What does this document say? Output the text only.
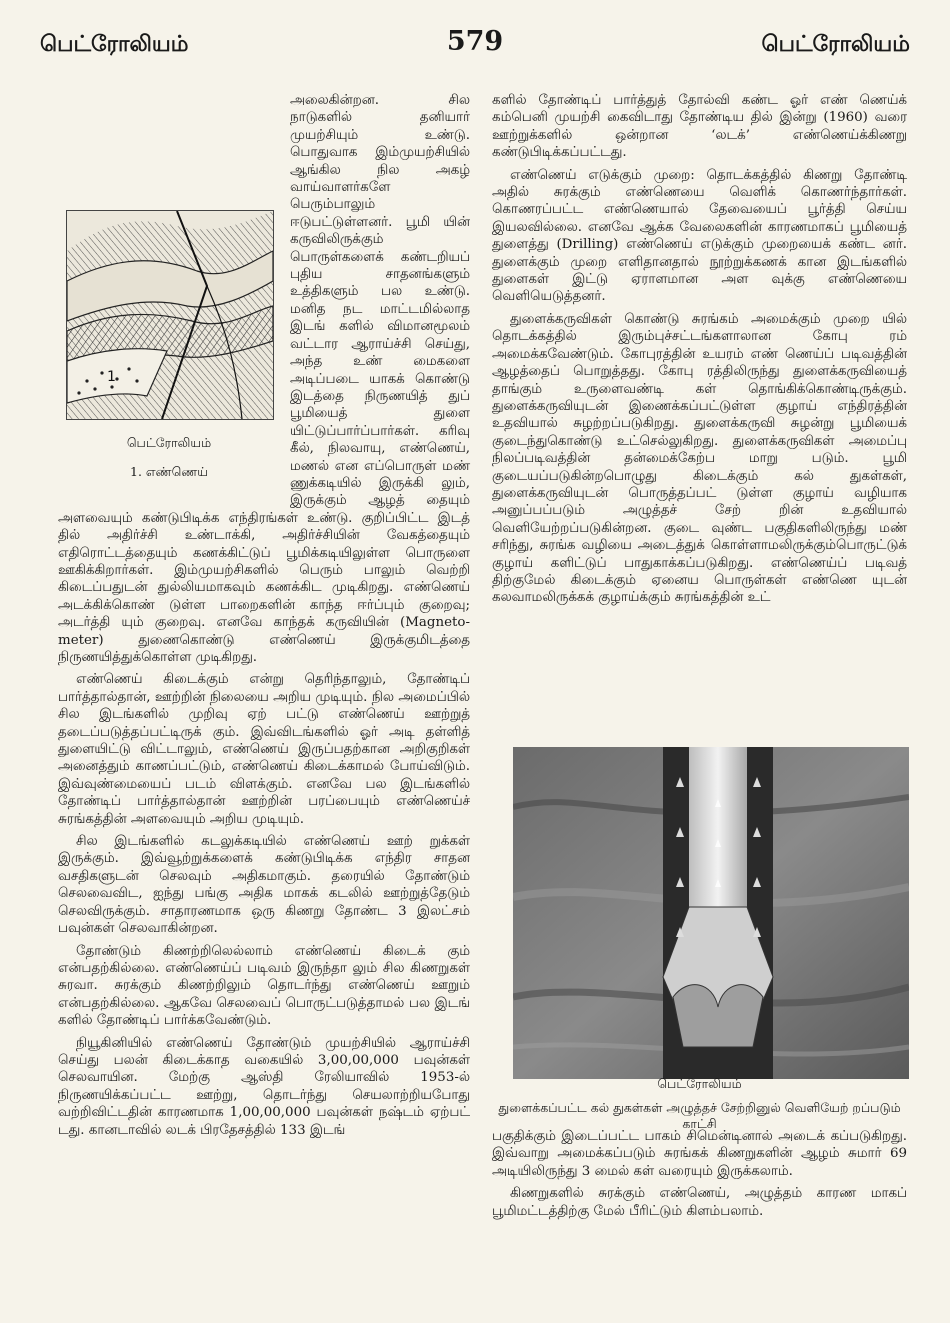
பெட்ரோலியம்	579	பெட்ரோலியம்
1
பெட்ரோலியம்
1. எண்ணெய்

அலைகின்றன. சில நாடுகளில் தனியார் முயற்சியும் உண்டு. பொதுவாக இம்முயற்சியில் ஆங்கில நில அகழ் வாய்வாளர்களே பெரும்பாலும் ஈடுபட்டுள்ளனர். பூமி யின் கருவிலிருக்கும் பொருள்களைக் கண்டறியப் புதிய சாதனங்களும் உத்திகளும் பல உண்டு. மனித நட மாட்டமில்லாத இடங் களில் விமானமூலம் வட்டார ஆராய்ச்சி செய்து, அந்த உண் மைகளை அடிப்படை யாகக் கொண்டு இடத்தை நிருணயித் துப் பூமியைத் துளை யிட்டுப்பார்ப்பார்கள். கரிவு கீல், நிலவாயு, எண்ணெய், மணல் என எப்பொருள் மண் ணுக்கடியில் இருக்கி லும், இருக்கும் ஆழத் தையும் அளவையும் கண்டுபிடிக்க எந்திரங்கள் உண்டு. குறிப்பிட்ட இடத் தில் அதிர்ச்சி உண்டாக்கி, அதிர்ச்சியின் வேகத்தையும் எதிரொட்டத்தையும் கணக்கிட்டுப் பூமிக்கடியிலுள்ள பொருளை ஊகிக்கிறார்கள். இம்முயற்சிகளில் பெரும் பாலும் வெற்றி கிடைப்பதுடன் துல்லியமாகவும் கணக்கிட முடிகிறது. எண்ணெய் அடக்கிக்கொண் டுள்ள பாறைகளின் காந்த ஈர்ப்பும் குறைவு; அடர்த்தி யும் குறைவு. எனவே காந்தக் கருவியின் (Magneto- meter) துணைகொண்டு எண்ணெய் இருக்குமிடத்தை நிருணயித்துக்கொள்ள முடிகிறது.

எண்ணெய் கிடைக்கும் என்று தெரிந்தாலும், தோண்டிப் பார்த்தால்தான், ஊற்றின் நிலையை அறிய முடியும். நில அமைப்பில் சில இடங்களில் முறிவு ஏற் பட்டு எண்ணெய் ஊற்றுத் தடைப்படுத்தப்பட்டிருக் கும். இவ்விடங்களில் ஓர் அடி தள்ளித் துளையிட்டு விட்டாலும், எண்ணெய் இருப்பதற்கான அறிகுறிகள் அனைத்தும் காணப்பட்டும், எண்ணெய் கிடைக்காமல் போய்விடும். இவ்வுண்மையைப் படம் விளக்கும். எனவே பல இடங்களில் தோண்டிப் பார்த்தால்தான் ஊற்றின் பரப்பையும் எண்ணெய்ச் சுரங்கத்தின் அளவையும் அறிய முடியும்.

சில இடங்களில் கடலுக்கடியில் எண்ணெய் ஊற் றுக்கள் இருக்கும். இவ்வூற்றுக்களைக் கண்டுபிடிக்க எந்திர சாதன வசதிகளுடன் செலவும் அதிகமாகும். தரையில் தோண்டும் செலவைவிட, ஐந்து பங்கு அதிக மாகக் கடலில் ஊற்றுத்தேடும் செலவிருக்கும். சாதாரணமாக ஒரு கிணறு தோண்ட 3 இலட்சம் பவுன்கள் செலவாகின்றன.

தோண்டும் கிணற்றிலெல்லாம் எண்ணெய் கிடைக் கும் என்பதற்கில்லை. எண்ணெய்ப் படிவம் இருந்தா லும் சில கிணறுகள் சுரவா. சுரக்கும் கிணற்றிலும் தொடர்ந்து எண்ணெய் ஊறும் என்பதற்கில்லை. ஆகவே செலவைப் பொருட்படுத்தாமல் பல இடங் களில் தோண்டிப் பார்க்கவேண்டும்.

நியூகினியில் எண்ணெய் தோண்டும் முயற்சியில் ஆராய்ச்சி செய்து பலன் கிடைக்காத வகையில் 3,00,00,000 பவுன்கள் செலவாயின. மேற்கு ஆஸ்தி ரேலியாவில் 1953-ல் நிருணயிக்கப்பட்ட ஊற்று, தொடர்ந்து செயலாற்றியபோது வற்றிவிட்டதின் காரணமாக 1,00,00,000 பவுன்கள் நஷ்டம் ஏற்பட் டது. கானடாவில் லடக் பிரதேசத்தில் 133 இடங்

களில் தோண்டிப் பார்த்துத் தோல்வி கண்ட ஓர் எண் ணெய்க் கம்பெனி முயற்சி கைவிடாது தோண்டிய தில் இன்று (1960) வரை ஊற்றுக்களில் ஒன்றான ‘லடக்’ எண்ணெய்க்கிணறு கண்டுபிடிக்கப்பட்டது.

எண்ணெய் எடுக்கும் முறை: தொடக்கத்தில் கிணறு தோண்டி அதில் சுரக்கும் எண்ணெயை வெளிக் கொணர்ந்தார்கள். கொணரப்பட்ட எண்ணெயால் தேவையைப் பூர்த்தி செய்ய இயலவில்லை. எனவே ஆக்க வேலைகளின் காரணமாகப் பூமியைத் துளைத்து (Drilling) எண்ணெய் எடுக்கும் முறையைக் கண்ட னர். துளைக்கும் முறை எளிதானதால் நூற்றுக்கணக் கான இடங்களில் துளைகள் இட்டு ஏராளமான அள வுக்கு எண்ணெயை வெளியெடுத்தனர்.

துளைக்கருவிகள் கொண்டு சுரங்கம் அமைக்கும் முறை யில் தொடக்கத்தில் இரும்புச்சட்டங்களாலான கோபு ரம் அமைக்கவேண்டும். கோபுரத்தின் உயரம் எண் ணெய்ப் படிவத்தின் ஆழத்தைப் பொறுத்தது. கோபு ரத்திலிருந்து துளைக்கருவியைத் தாங்கும் உருளைவண்டி கள் தொங்கிக்கொண்டிருக்கும். துளைக்கருவியுடன் இணைக்கப்பட்டுள்ள குழாய் எந்திரத்தின் உதவியால் சுழற்றப்படுகிறது. துளைக்கருவி சுழன்று பூமியைக் குடைந்துகொண்டு உட்செல்லுகிறது. துளைக்கருவிகள் அமைப்பு நிலப்படிவத்தின் தன்மைக்கேற்ப மாறு படும். பூமி குடையப்படுகின்றபொழுது கிடைக்கும் கல் துகள்கள், துளைக்கருவியுடன் பொருத்தப்பட் டுள்ள குழாய் வழியாக அனுப்பப்படும் அழுத்தச் சேற் றின் உதவியால் வெளியேற்றப்படுகின்றன. குடை வுண்ட பகுதிகளிலிருந்து மண் சரிந்து, சுரங்க வழியை அடைத்துக் கொள்ளாமலிருக்கும்பொருட்டுக் குழாய் களிட்டுப் பாதுகாக்கப்படுகிறது. எண்ணெய்ப் படிவத் திற்குமேல் கிடைக்கும் ஏனைய பொருள்கள் எண்ணெ யுடன் கலவாமலிருக்கக் குழாய்க்கும் சுரங்கத்தின் உட்

பெட்ரோலியம்
துளைக்கப்பட்ட கல் துகள்கள் அழுத்தச் சேற்றினுல் வெளியேற் றப்படும் காட்சி

பகுதிக்கும் இடைப்பட்ட பாகம் சிமென்டினால் அடைக் கப்படுகிறது. இவ்வாறு அமைக்கப்படும் சுரங்கக் கிணறுகளின் ஆழம் சுமார் 69 அடியிலிருந்து 3 மைல் கள் வரையும் இருக்கலாம்.

கிணறுகளில் சுரக்கும் எண்ணெய், அழுத்தம் காரண மாகப் பூமிமட்டத்திற்கு மேல் பீரிட்டும் கிளம்பலாம்.
